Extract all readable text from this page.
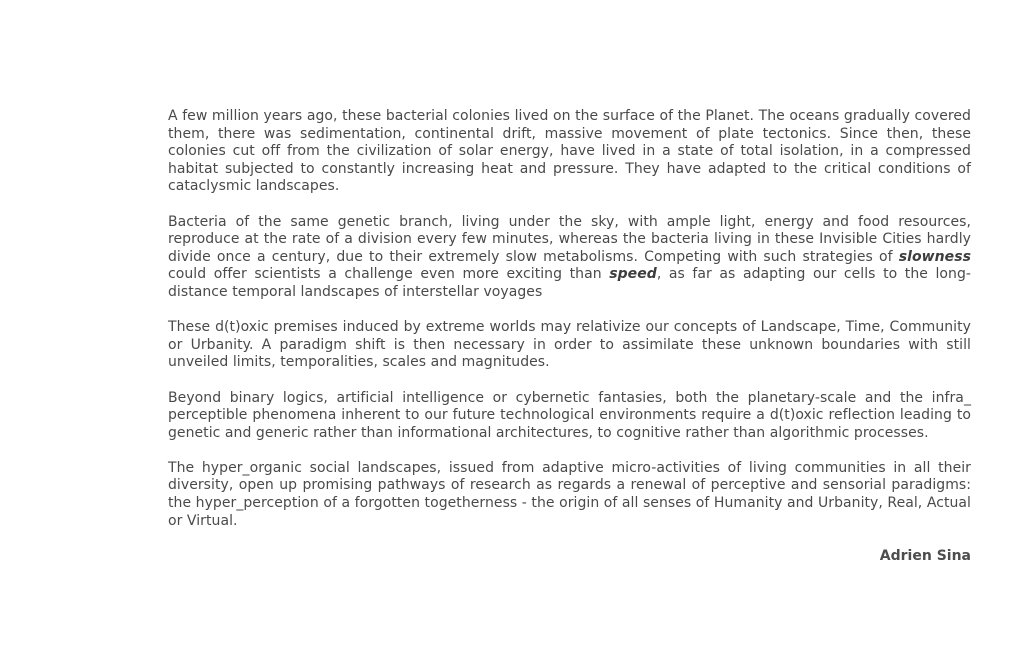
A few million years ago, these bacterial colonies lived on the surface of the Planet. The oceans gradually covered them, there was sedimentation, continental drift, massive movement of plate tectonics. Since then, these colonies cut off from the civilization of solar energy, have lived in a state of total isolation, in a compressed habitat subjected to constantly increasing heat and pressure. They have adapted to the critical conditions of cataclysmic landscapes.

Bacteria of the same genetic branch, living under the sky, with ample light, energy and food resources, reproduce at the rate of a division every few minutes, whereas the bacteria living in these Invisible Cities hardly divide once a century, due to their extremely slow metabolisms. Competing with such strategies of slowness could offer scientists a challenge even more exciting than speed, as far as adapting our cells to the long-distance temporal landscapes of interstellar voyages

These d(t)oxic premises induced by extreme worlds may relativize our concepts of Landscape, Time, Community or Urbanity. A paradigm shift is then necessary in order to assimilate these unknown boundaries with still unveiled limits, temporalities, scales and magnitudes.

Beyond binary logics, artificial intelligence or cybernetic fantasies, both the planetary-scale and the infra_ perceptible phenomena inherent to our future technological environments require a d(t)oxic reflection leading to genetic and generic rather than informational architectures, to cognitive rather than algorithmic processes.

The hyper_organic social landscapes, issued from adaptive micro-activities of living communities in all their diversity, open up promising pathways of research as regards a renewal of perceptive and sensorial paradigms: the hyper_perception of a forgotten togetherness - the origin of all senses of Humanity and Urbanity, Real, Actual or Virtual.

Adrien Sina
